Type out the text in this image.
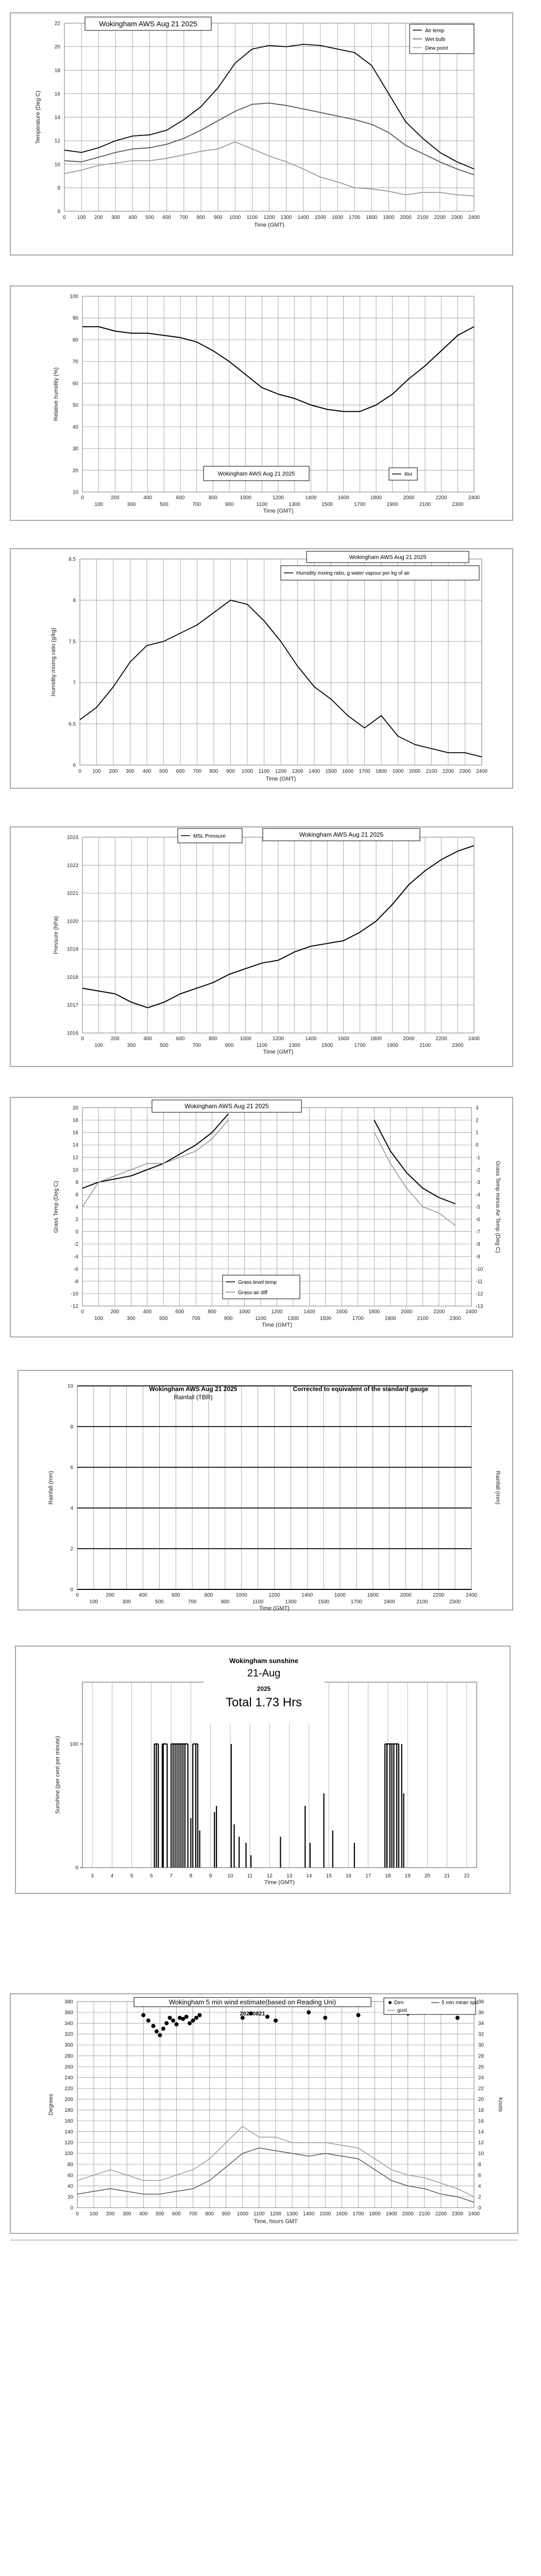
6
8
10
12
14
16
18
20
22
0 100 200 300 400 500 600 700 800 900 1000 1100 1200 1300 1400 1500 1600 1700 1800 1900 2000 2100 2200 2300 2400
Time (GMT)
Temperature (Deg C)
Wokingham AWS Aug 21 2025
Air temp
Wet bulb
Dew point
10
20
30
40
50
60
70
80
90
100
0	200	400	600	800	1000	1200	1400	1600	1800	2000	2200	2400
100	300	500	700	900	1100	1300	1500	1700	1900	2100	2300
Time (GMT)
Relative humidity (%)
Wokingham AWS Aug 21 2025	RH
6
6.5
7
7.5
8
8.5
0 100 200 300 400 500 600 700 800 900 1000 1100 1200 1300 1400 1500 1600 1700 1800 1900 2000 2100 2200 2300 2400
Time (GMT)
Humidity mixing ratio (g/kg)
Wokingham AWS Aug 21 2025
Humidity mixing ratio, g water vapour per kg of air
1016
1017
1018
1019
1020
1021
1022
1023
0	200	400	600	800	1000	1200	1400	1600	1800	2000	2200	2400
100	300	500	700	900	1100	1300	1500	1700	1900	2100	2300
Time (GMT)
Pressure (hPa)
MSL Pressure	Wokingham AWS Aug 21 2025
-12
-10
-8
-6
-4
-2
0
2
4
6
8
10
12
14
16
18
20
-13
-12
-11
-10
-9
-8
-7
-6
-5
-4
-3
-2
-1
0
1
2
3
0	200	400	600	800	1000	1200	1400	1600	1800	2000	2200	2400
100	300	500	700	900	1100	1300	1500	1700	1900	2100	2300
Time (GMT)
Grass Temp (Deg C)	Grass Temp minus Air Temp (Deg C)
Wokingham AWS Aug 21 2025
Grass level temp
Grass-air diff
0
2
4
6
8
10
0	200	400	600	800	1000	1200	1400	1600	1800	2000	2200	2400
100	300	500	700	900	1100	1300	1500	1700	1900	2100	2300
Time (GMT)
Rainfall (mm)	Rainfall (mm)
Wokingham AWS Aug 21 2025
Rainfall (TBR)
Corrected to equivalent of the standard gauge
3	4	5	6	7	8	9	10	11	12	13	14	15	16	17	18	19	20	21	22
0
100
Sunshine (per cent per minute)
Time (GMT)
Wokingham sunshine
21-Aug
2025
Total 1.73 Hrs
0
20
40
60
80
100
120
140
160
180
200
220
240
260
280
300
320
340
360
380
0
2
4
6
8
10
12
14
16
18
20
22
24
26
28
30
32
34
36
38
0 100 200 300 400 500 600 700 800 900 1000 1100 1200 1300 1400 1500 1600 1700 1800 1900 2000 2100 2200 2300 2400
Time, hours GMT
Degrees	Knots
Wokingham 5 min wind estimate(based on Reading Uni)
20250821
Dirn	5 min mean spd
gust
